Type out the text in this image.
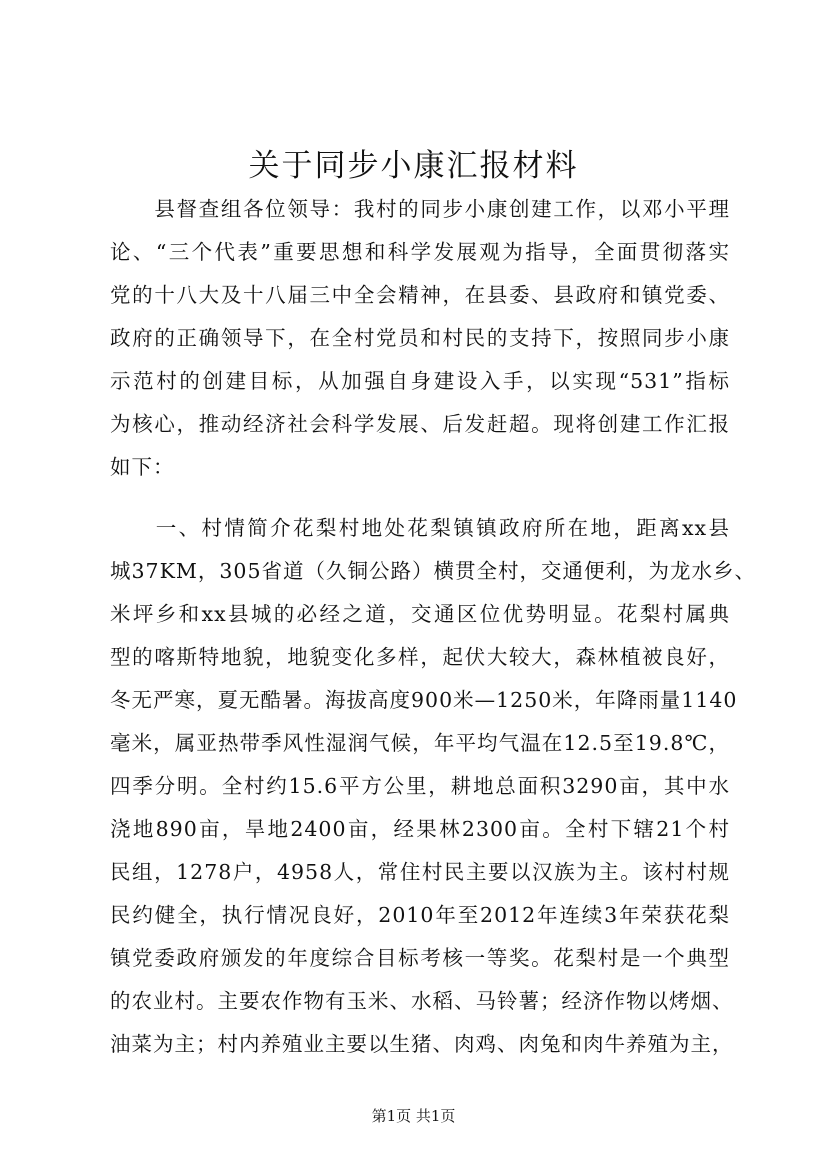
关于同步小康汇报材料
　　县督查组各位领导：我村的同步小康创建工作，以邓小平理
论、“三个代表”重要思想和科学发展观为指导，全面贯彻落实
党的十八大及十八届三中全会精神，在县委、县政府和镇党委、
政府的正确领导下，在全村党员和村民的支持下，按照同步小康
示范村的创建目标，从加强自身建设入手，以实现“531”指标
为核心，推动经济社会科学发展、后发赶超。现将创建工作汇报
如下：
　　一、村情简介花梨村地处花梨镇镇政府所在地，距离xx县
城37KM，305省道（久铜公路）横贯全村，交通便利，为龙水乡、
米坪乡和xx县城的必经之道，交通区位优势明显。花梨村属典
型的喀斯特地貌，地貌变化多样，起伏大较大，森林植被良好，
冬无严寒，夏无酷暑。海拔高度900米—1250米，年降雨量1140
毫米，属亚热带季风性湿润气候，年平均气温在12.5至19.8℃，
四季分明。全村约15.6平方公里，耕地总面积3290亩，其中水
浇地890亩，旱地2400亩，经果林2300亩。全村下辖21个村
民组，1278户，4958人，常住村民主要以汉族为主。该村村规
民约健全，执行情况良好，2010年至2012年连续3年荣获花梨
镇党委政府颁发的年度综合目标考核一等奖。花梨村是一个典型
的农业村。主要农作物有玉米、水稻、马铃薯；经济作物以烤烟、
油菜为主；村内养殖业主要以生猪、肉鸡、肉兔和肉牛养殖为主，
第1页 共1页
